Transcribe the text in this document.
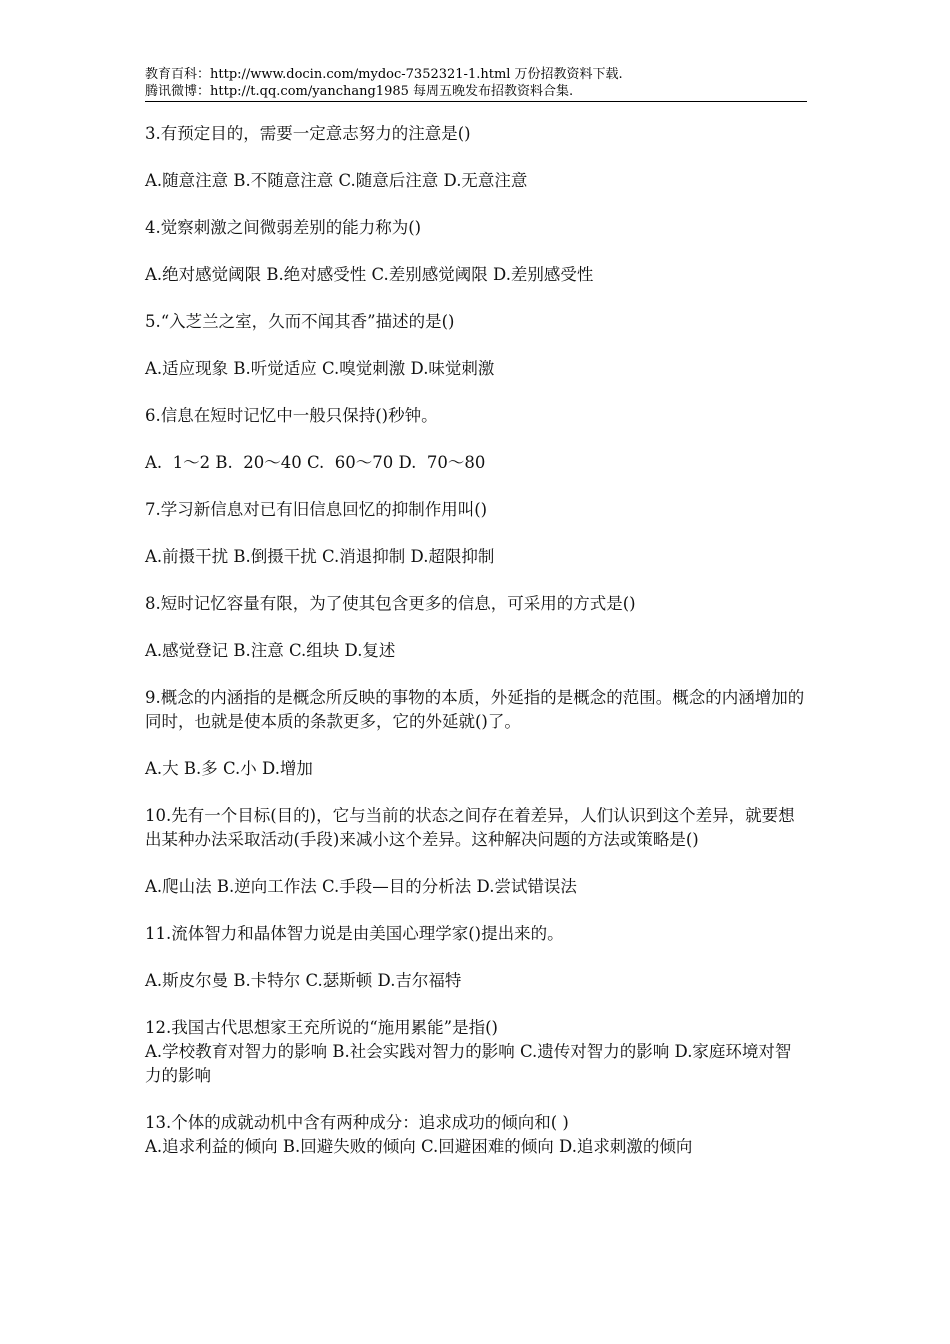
教育百科：http://www.docin.com/mydoc-7352321-1.html 万份招教资料下载.
腾讯微博：http://t.qq.com/yanchang1985 每周五晚发布招教资料合集.

3.有预定目的，需要一定意志努力的注意是()

A.随意注意 B.不随意注意 C.随意后注意 D.无意注意

4.觉察刺激之间微弱差别的能力称为()

A.绝对感觉阈限 B.绝对感受性 C.差别感觉阈限 D.差别感受性

5.“入芝兰之室，久而不闻其香”描述的是()

A.适应现象 B.听觉适应 C.嗅觉刺激 D.味觉刺激

6.信息在短时记忆中一般只保持()秒钟。

A.  1～2 B.  20～40 C.  60～70 D.  70～80

7.学习新信息对已有旧信息回忆的抑制作用叫()

A.前摄干扰 B.倒摄干扰 C.消退抑制 D.超限抑制

8.短时记忆容量有限，为了使其包含更多的信息，可采用的方式是()

A.感觉登记 B.注意 C.组块 D.复述

9.概念的内涵指的是概念所反映的事物的本质，外延指的是概念的范围。概念的内涵增加的同时，也就是使本质的条款更多，它的外延就()了。

A.大 B.多 C.小 D.增加

10.先有一个目标(目的)，它与当前的状态之间存在着差异，人们认识到这个差异，就要想出某种办法采取活动(手段)来减小这个差异。这种解决问题的方法或策略是()

A.爬山法 B.逆向工作法 C.手段—目的分析法 D.尝试错误法

11.流体智力和晶体智力说是由美国心理学家()提出来的。

A.斯皮尔曼 B.卡特尔 C.瑟斯顿 D.吉尔福特

12.我国古代思想家王充所说的“施用累能”是指()

A.学校教育对智力的影响 B.社会实践对智力的影响 C.遗传对智力的影响 D.家庭环境对智力的影响

13.个体的成就动机中含有两种成分：追求成功的倾向和( )

A.追求利益的倾向 B.回避失败的倾向 C.回避困难的倾向 D.追求刺激的倾向
